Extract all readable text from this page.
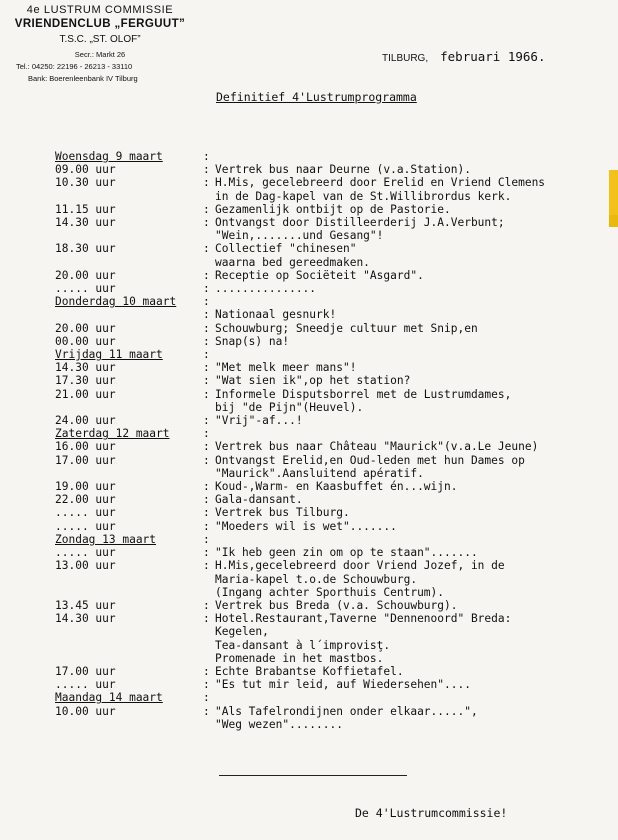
4e LUSTRUM COMMISSIE
VRIENDENCLUB „FERGUUT”
T.S.C. „ST. OLOF”
Secr.: Markt 26
Tel.: 04250: 22196 - 26213 - 33110
Bank: Boerenleenbank IV Tilburg
TILBURG, februari 1966.
Definitief 4'Lustrumprogramma
Woensdag 9 maart	:
09.00 uur	: Vertrek bus naar Deurne (v.a.Station).
10.30 uur	: H.Mis, gecelebreerd door Erelid en Vriend Clemens
in de Dag-kapel van de St.Willibrordus kerk.
11.15 uur	: Gezamenlijk ontbijt op de Pastorie.
14.30 uur	: Ontvangst door Distilleerderij J.A.Verbunt;
"Wein,.......und Gesang"!
18.30 uur	: Collectief "chinesen"
waarna bed gereedmaken.
20.00 uur	: Receptie op Sociëteit "Asgard".
..... uur	: ...............
Donderdag 10 maart	:
: Nationaal gesnurk!
20.00 uur	: Schouwburg; Sneedje cultuur met Snip,en
00.00 uur	: Snap(s) na!
Vrijdag 11 maart	:
14.30 uur	: "Met melk meer mans"!
17.30 uur	: "Wat sien ik",op het station?
21.00 uur	: Informele Disputsborrel met de Lustrumdames,
bij "de Pijn"(Heuvel).
24.00 uur	: "Vrij"-af...!
Zaterdag 12 maart	:
16.00 uur	: Vertrek bus naar Château "Maurick"(v.a.Le Jeune)
17.00 uur	: Ontvangst Erelid,en Oud-leden met hun Dames op
"Maurick".Aansluitend apératif.
19.00 uur	: Koud-,Warm- en Kaasbuffet én...wijn.
22.00 uur	: Gala-dansant.
..... uur	: Vertrek bus Tilburg.
..... uur	: "Moeders wil is wet".......
Zondag 13 maart	:
..... uur	: "Ik heb geen zin om op te staan".......
13.00 uur	: H.Mis,gecelebreerd door Vriend Jozef, in de
Maria-kapel t.o.de Schouwburg.
(Ingang achter Sporthuis Centrum).
13.45 uur	: Vertrek bus Breda (v.a. Schouwburg).
14.30 uur	: Hotel.Restaurant,Taverne "Dennenoord" Breda:
Kegelen,
Tea-dansant à l´improvisţ.
Promenade in het mastbos.
17.00 uur	: Echte Brabantse Koffietafel.
..... uur	: "Es tut mir leid, auf Wiedersehen"....
Maandag 14 maart	:
10.00 uur	: "Als Tafelrondijnen onder elkaar.....",
"Weg wezen"........
De 4'Lustrumcommissie!
